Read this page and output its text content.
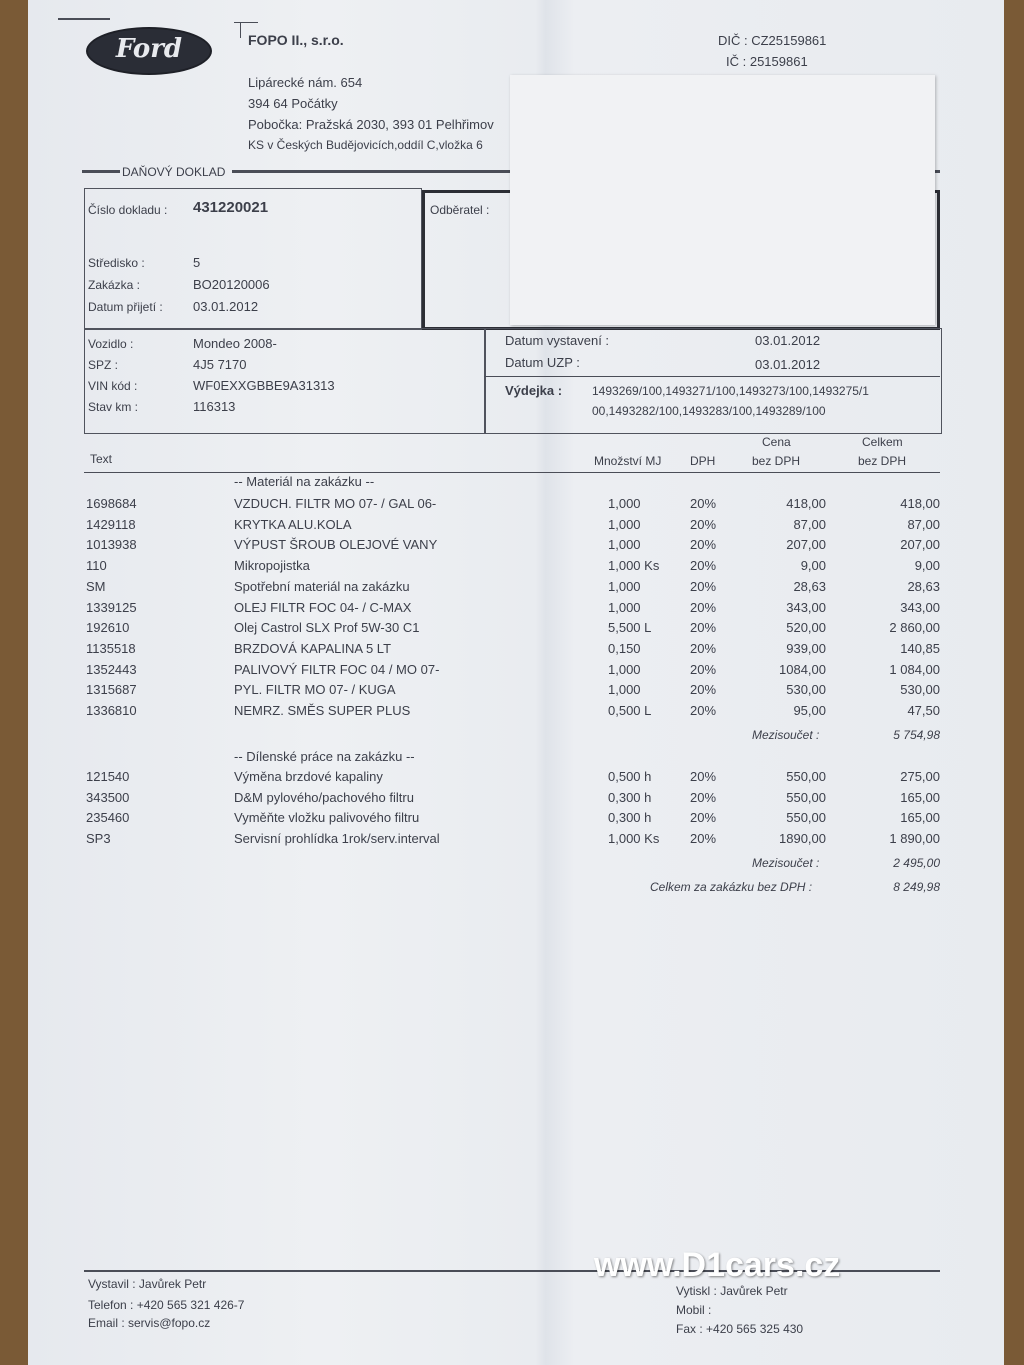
Ford	FOPO II., s.r.o.
Lipárecké nám. 654
394 64 Počátky
Pobočka: Pražská 2030, 393 01 Pelhřimov
KS v Českých Budějovicích,oddíl C,vložka 6
DIČ : CZ25159861
IČ : 25159861
DAŇOVÝ DOKLAD
Číslo dokladu : 431220021
Středisko :	5
Zakázka :	BO20120006
Datum přijetí : 03.01.2012
Odběratel :
Vozidlo :	Mondeo 2008-
SPZ :	4J5 7170
VIN kód :	WF0EXXGBBE9A31313
Stav km :	116313
Datum vystavení :	03.01.2012
Datum UZP :	03.01.2012
Výdejka : 1493269/100,1493271/100,1493273/100,1493275/1
00,1493282/100,1493283/100,1493289/100
Text	Množství MJ DPH
Cena
bez DPH
Celkem
bez DPH
-- Materiál na zakázku --
1698684	VZDUCH. FILTR MO 07- / GAL 06-	1,000	20%	418,00	418,00
1429118	KRYTKA ALU.KOLA	1,000	20%	87,00	87,00
1013938	VÝPUST ŠROUB OLEJOVÉ VANY	1,000	20%	207,00	207,00
110	Mikropojistka	1,000 Ks 20%	9,00	9,00
SM	Spotřební materiál na zakázku	1,000	20%	28,63	28,63
1339125	OLEJ FILTR FOC 04- / C-MAX	1,000	20%	343,00	343,00
192610	Olej Castrol SLX Prof 5W-30 C1	5,500 L	20%	520,00	2 860,00
1135518	BRZDOVÁ KAPALINA 5 LT	0,150	20%	939,00	140,85
1352443	PALIVOVÝ FILTR FOC 04 / MO 07-	1,000	20%	1084,00	1 084,00
1315687	PYL. FILTR MO 07- / KUGA	1,000	20%	530,00	530,00
1336810	NEMRZ. SMĚS SUPER PLUS	0,500 L	20%	95,00	47,50
Mezisoučet :	5 754,98
-- Dílenské práce na zakázku --
121540	Výměna brzdové kapaliny	0,500 h	20%	550,00	275,00
343500	D&M pylového/pachového filtru	0,300 h	20%	550,00	165,00
235460	Vyměňte vložku palivového filtru	0,300 h	20%	550,00	165,00
SP3	Servisní prohlídka 1rok/serv.interval	1,000 Ks 20%	1890,00	1 890,00
Mezisoučet :	2 495,00
Celkem za zakázku bez DPH :	8 249,98
Vystavil : Javůrek Petr
Telefon : +420 565 321 426-7
Email : servis@fopo.cz
Vytiskl : Javůrek Petr
Mobil :
Fax : +420 565 325 430
www.D1cars.cz
